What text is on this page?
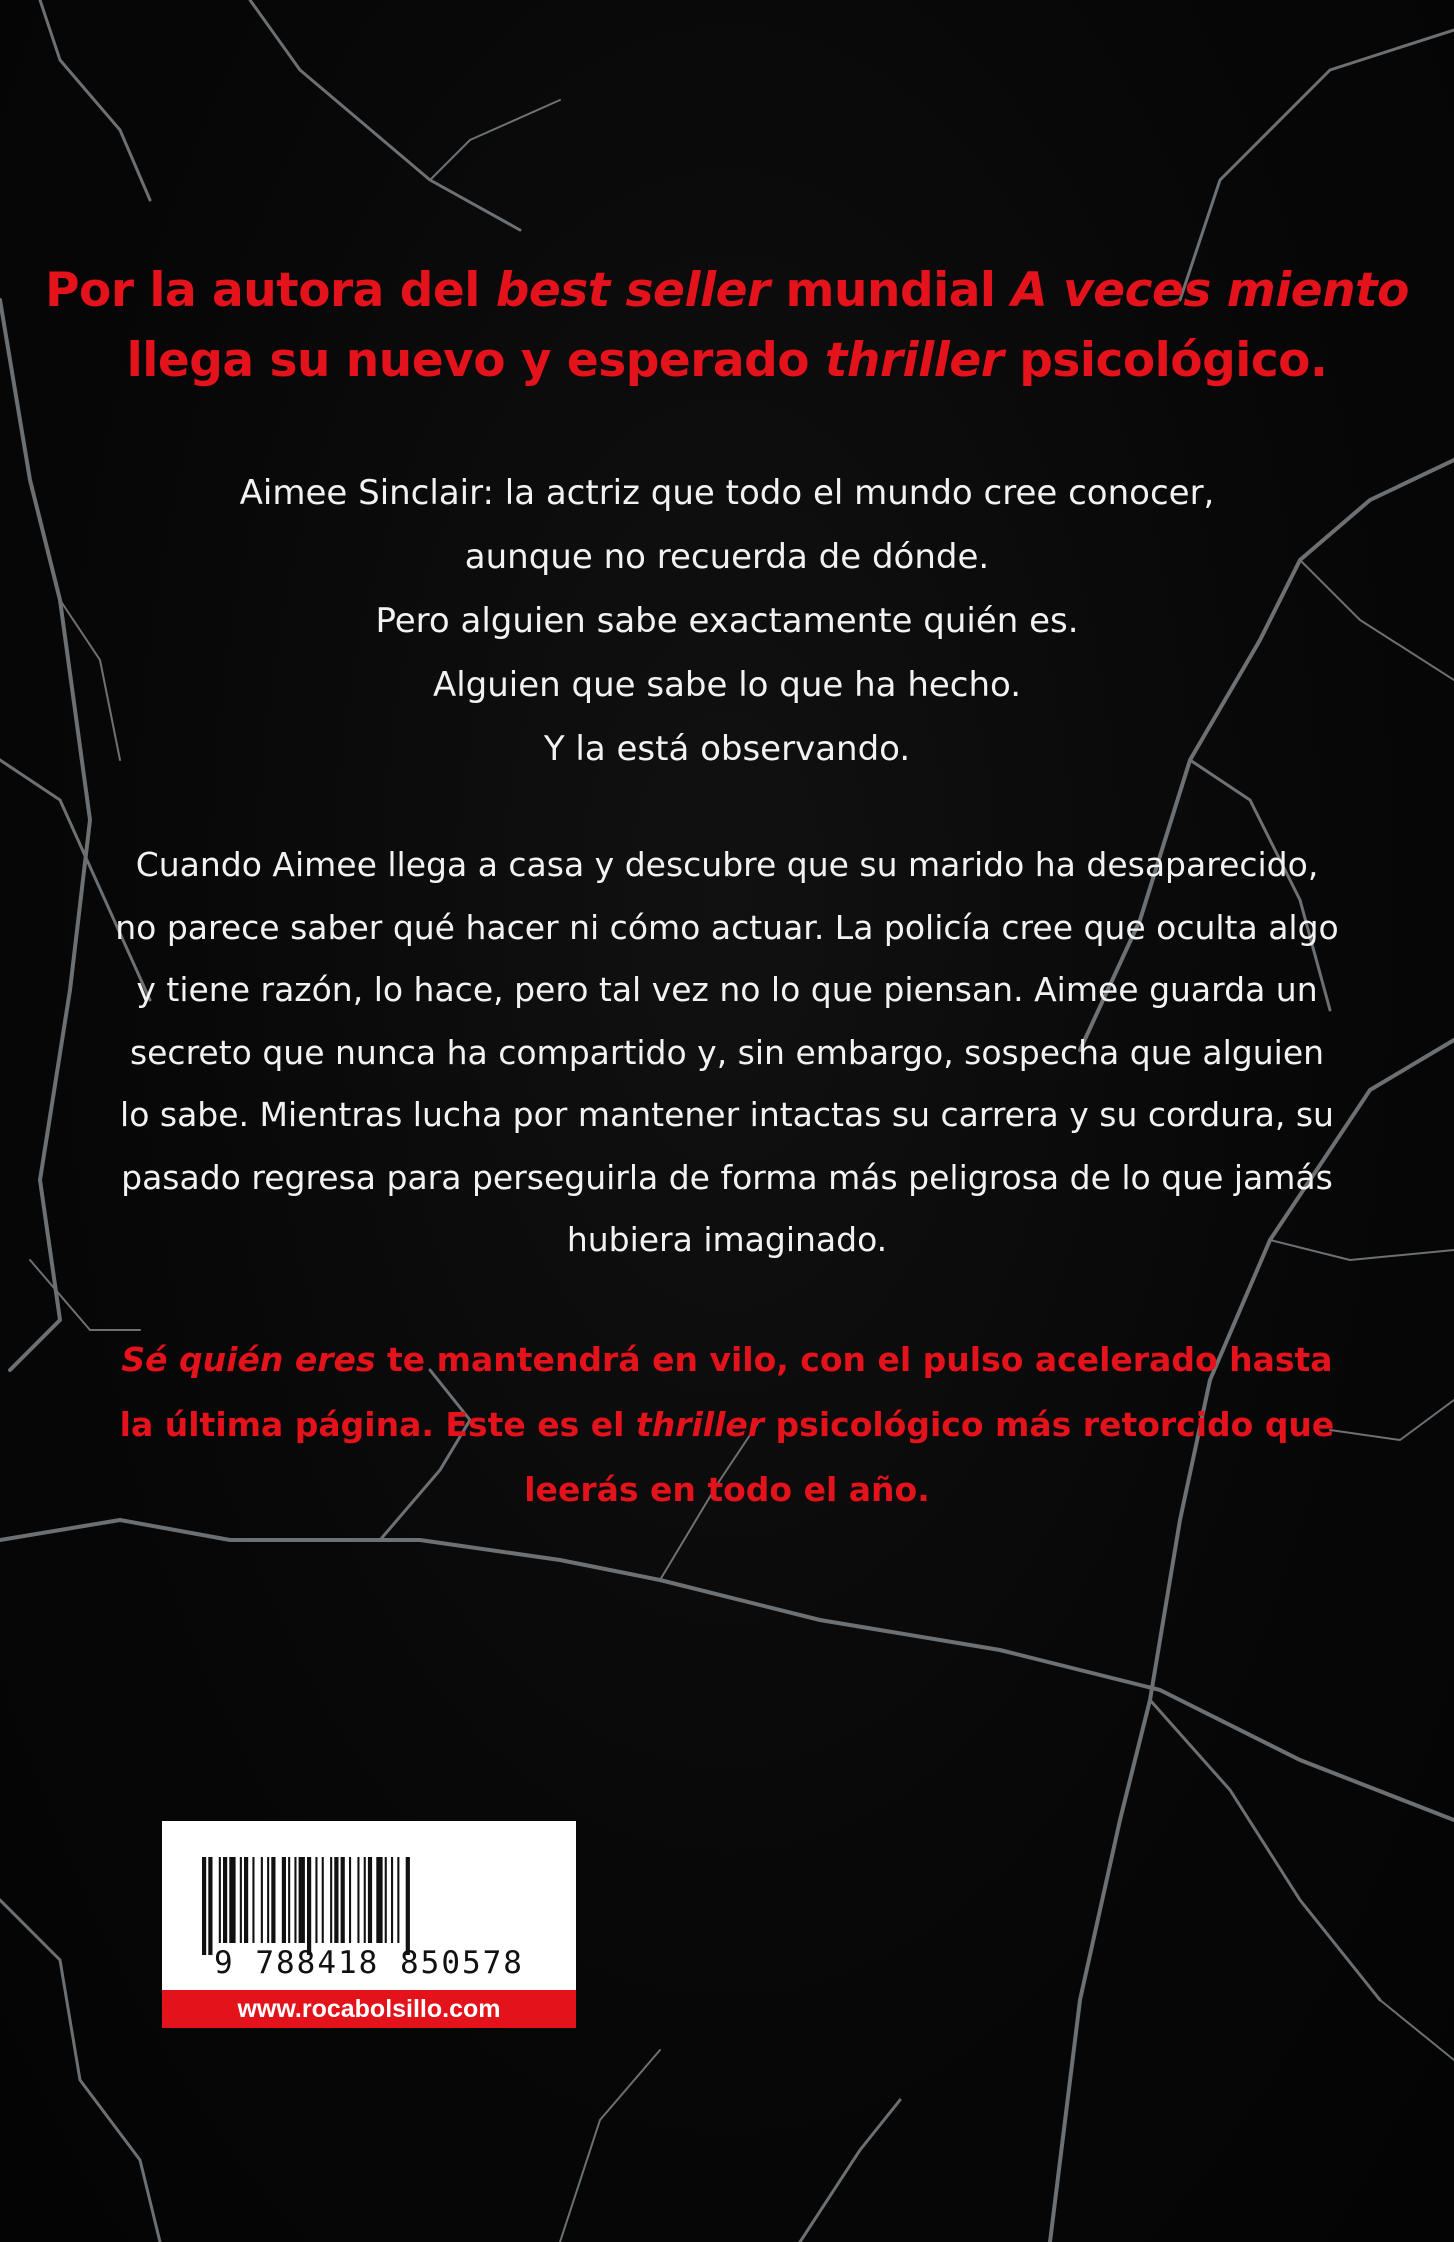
Por la autora del best seller mundial A veces miento
llega su nuevo y esperado thriller psicológico.
Aimee Sinclair: la actriz que todo el mundo cree conocer,
aunque no recuerda de dónde.
Pero alguien sabe exactamente quién es.
Alguien que sabe lo que ha hecho.
Y la está observando.
Cuando Aimee llega a casa y descubre que su marido ha desaparecido,
no parece saber qué hacer ni cómo actuar. La policía cree que oculta algo
y tiene razón, lo hace, pero tal vez no lo que piensan. Aimee guarda un
secreto que nunca ha compartido y, sin embargo, sospecha que alguien
lo sabe. Mientras lucha por mantener intactas su carrera y su cordura, su
pasado regresa para perseguirla de forma más peligrosa de lo que jamás
hubiera imaginado.
Sé quién eres te mantendrá en vilo, con el pulso acelerado hasta
la última página. Este es el thriller psicológico más retorcido que
leerás en todo el año.
9 788418 850578
www.rocabolsillo.com
